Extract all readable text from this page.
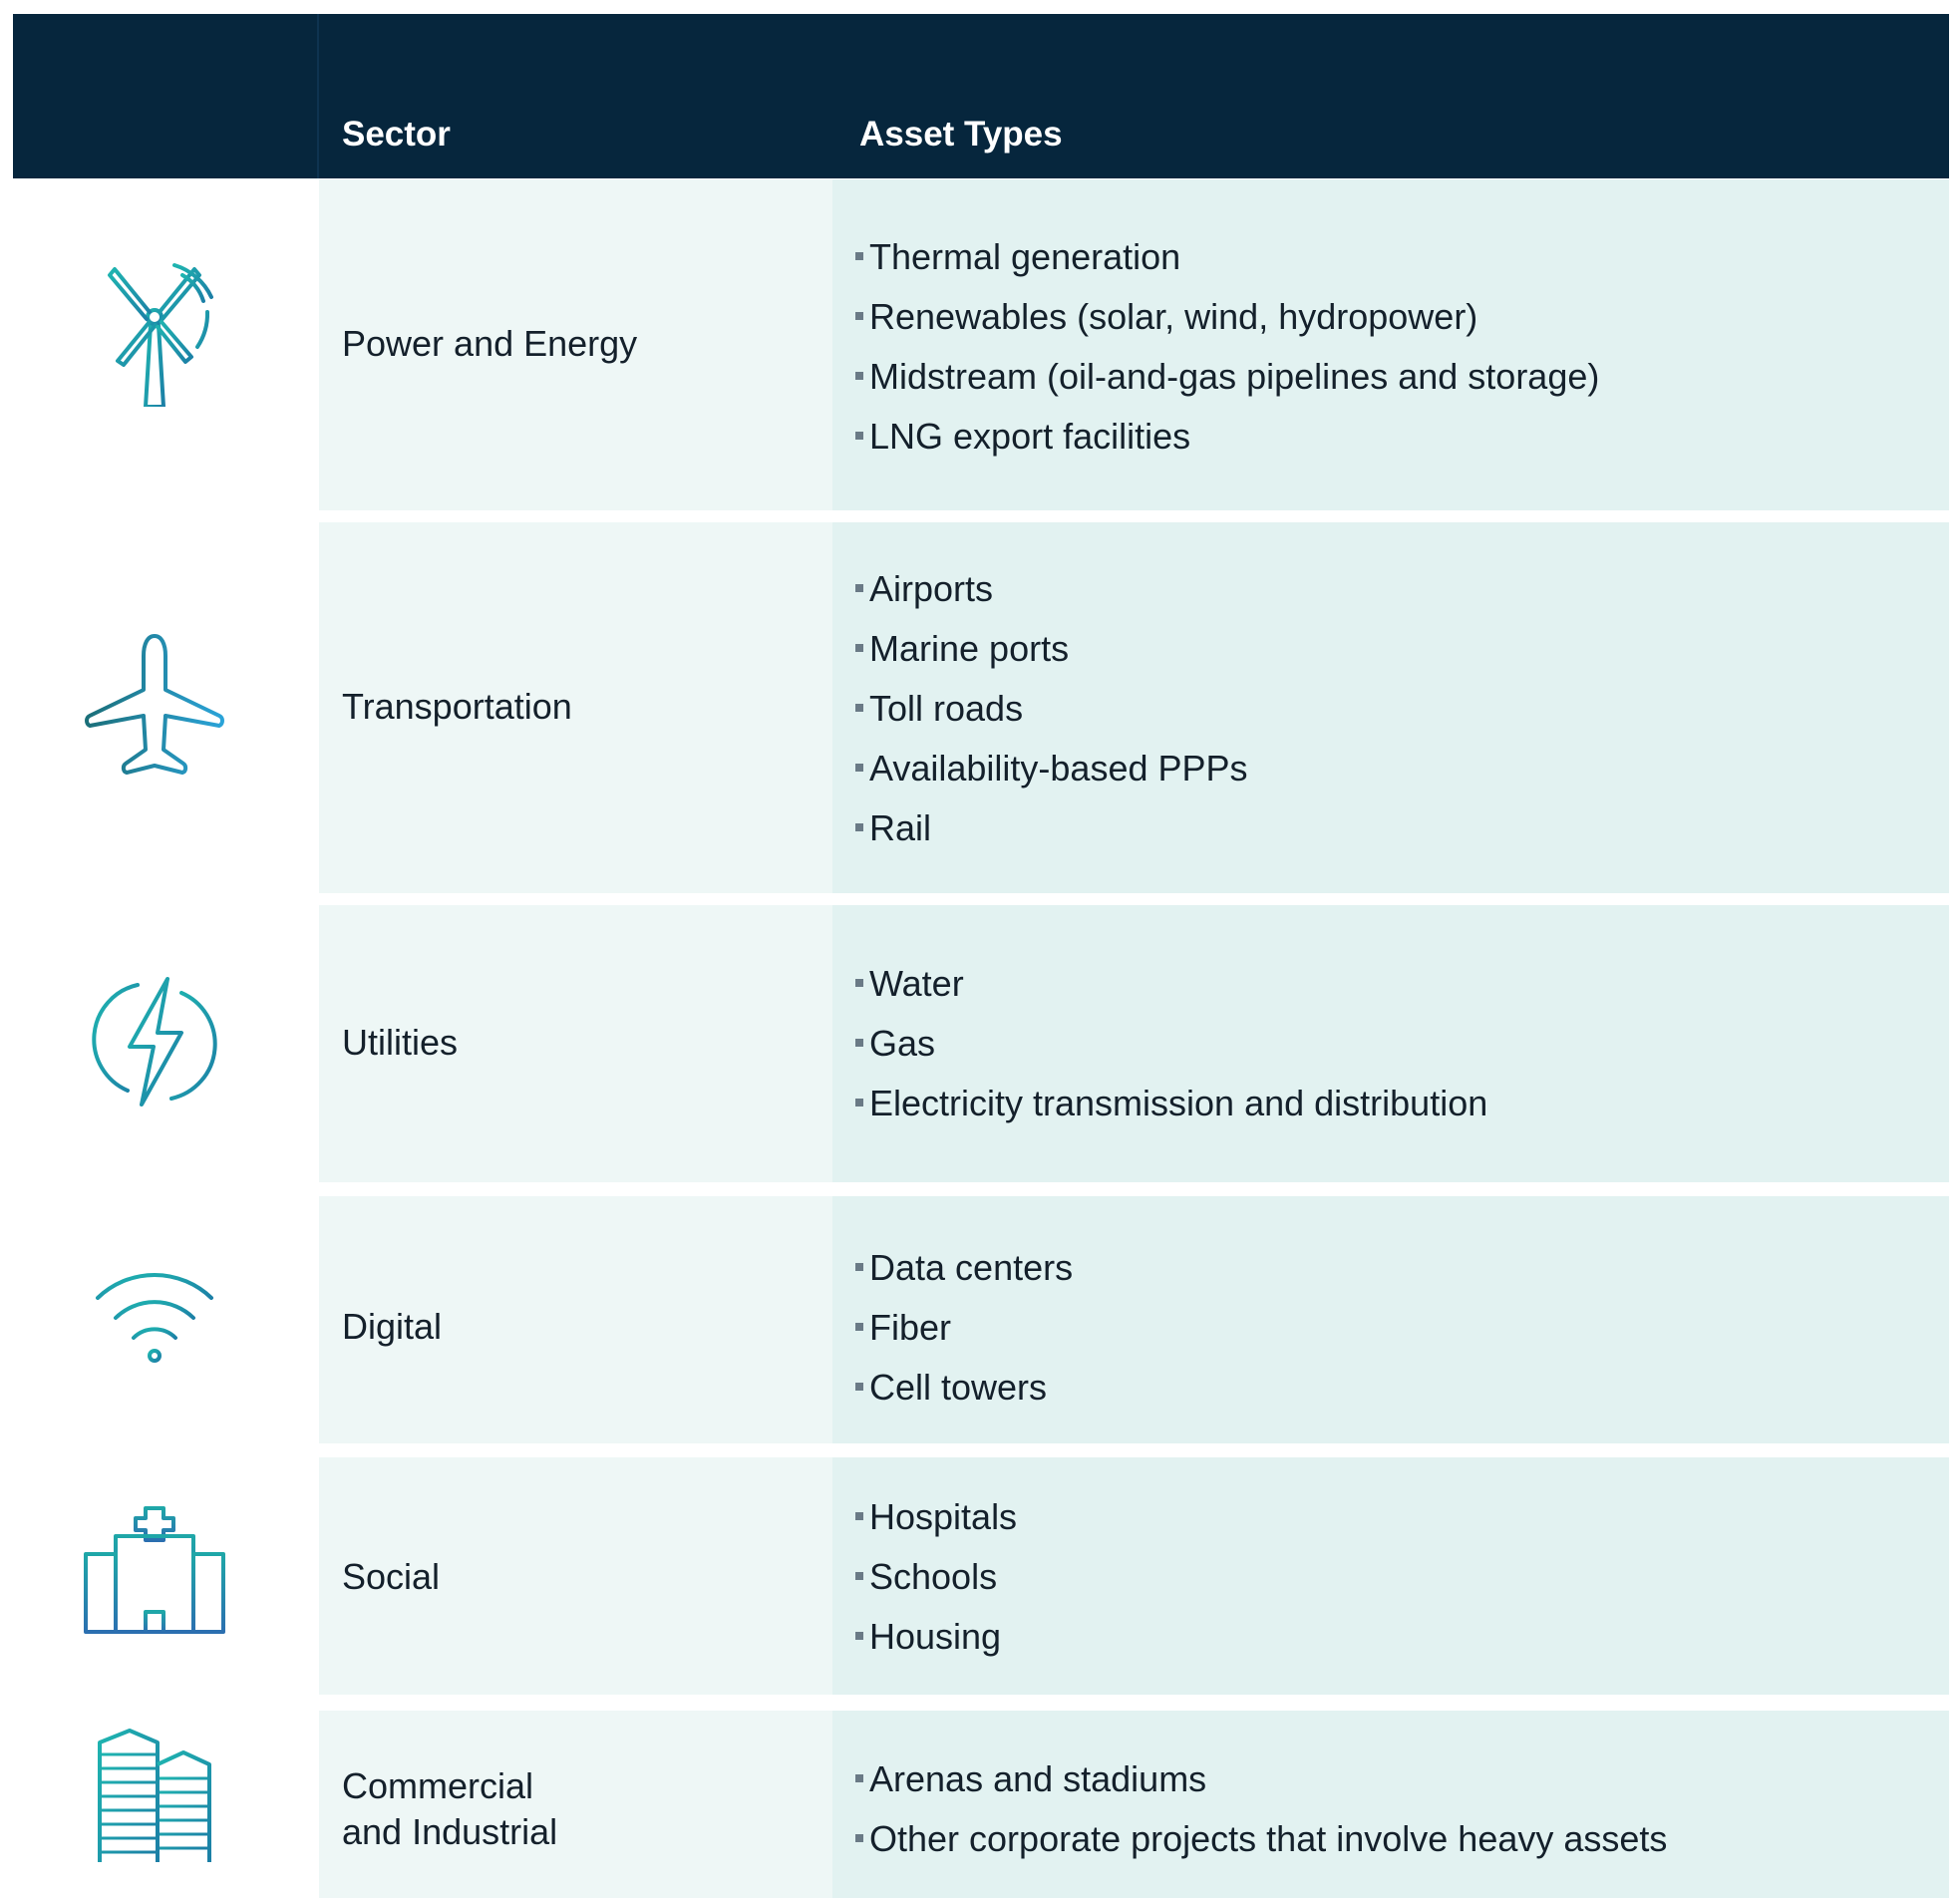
Sector	Asset Types
Power and Energy
Thermal generation
Renewables (solar, wind, hydropower)
Midstream (oil-and-gas pipelines and storage)
LNG export facilities
Transportation
Airports
Marine ports
Toll roads
Availability-based PPPs
Rail
Utilities
Water
Gas
Electricity transmission and distribution
Digital
Data centers
Fiber
Cell towers
Social
Hospitals
Schools
Housing
Commercial
and Industrial
Arenas and stadiums
Other corporate projects that involve heavy assets
